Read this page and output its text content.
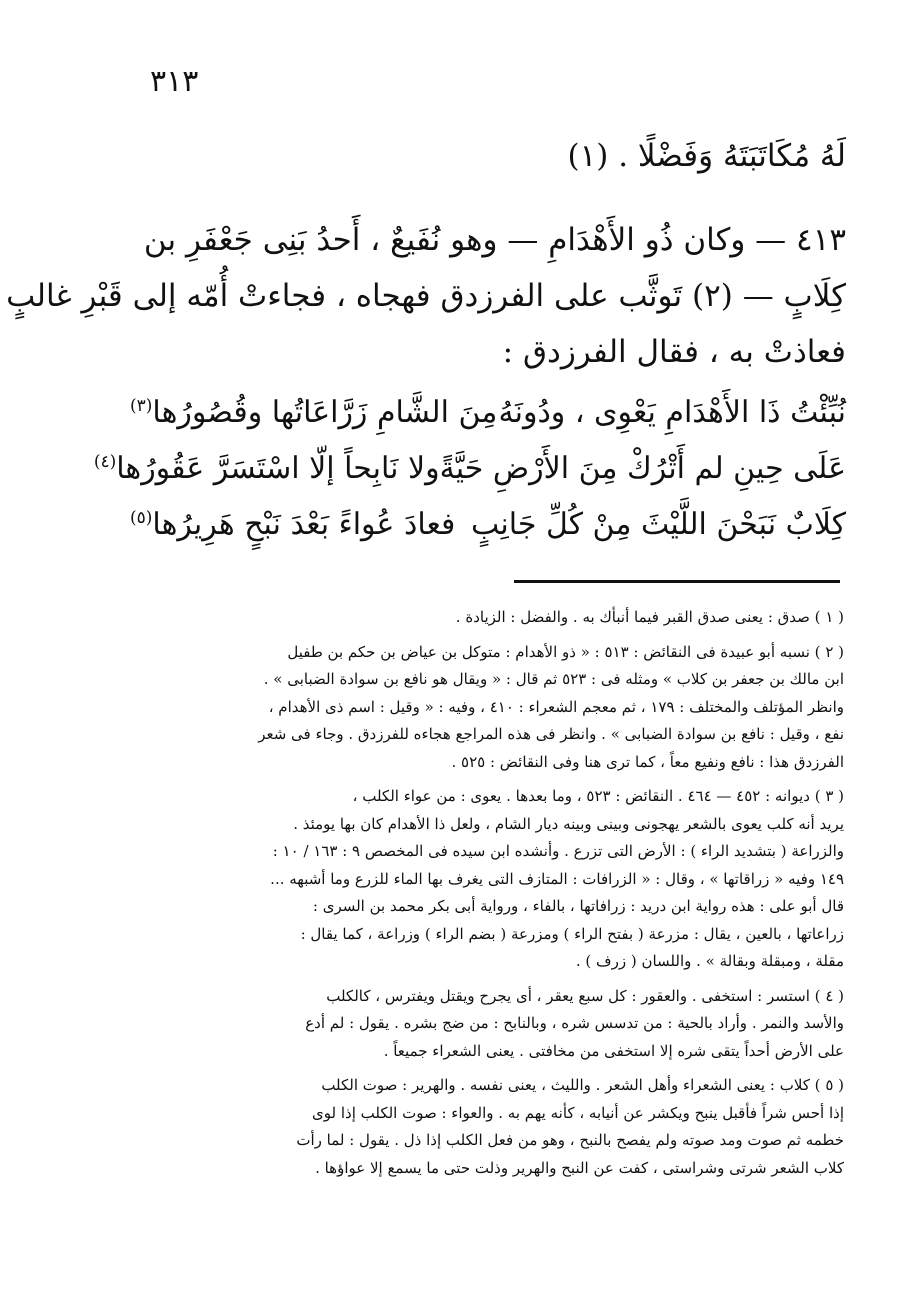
٣١٣
لَهُ مُكَاتَبَتَهُ وَفَضْلًا . (١)
٤١٣ — وكان ذُو الأَهْدَامِ — وهو نُفَيعٌ ، أَحدُ بَنِى جَعْفَرِ بن
كِلَابٍ — (٢) تَوثَّب على الفرزدق فهجاه ، فجاءتْ أُمّه إلى قَبْرِ غالبٍ
فعاذتْ به ، فقال الفرزدق :
نُبِّئْتُ ذَا الأَهْدَامِ يَعْوِى ، ودُونَهُ
مِنَ الشَّامِ زَرَّاعَاتُها وقُصُورُها$^{(٣)}$
عَلَى حِينِ لم أَتْرُكْ مِنَ الأَرْضِ حَيَّةً
ولا نَابِحاً إلّا اسْتَسَرَّ عَقُورُها$^{(٤)}$
كِلَابٌ نَبَحْنَ اللَّيْثَ مِنْ كُلِّ جَانِبٍ
فعادَ عُواءً بَعْدَ نَبْحٍ هَرِيرُها$^{(٥)}$
( ١ ) صدق : يعنى صدق القبر فيما أنبأك به . والفضل : الزيادة .
( ٢ ) نسبه أبو عبيدة فى النقائض : ٥١٣ : « ذو الأهدام : متوكل بن عياض بن حكم بن طفيل
ابن مالك بن جعفر بن كلاب » ومثله فى : ٥٢٣ ثم قال : « ويقال هو نافع بن سوادة الضبابى » .
وانظر المؤتلف والمختلف : ١٧٩ ، ثم معجم الشعراء : ٤١٠ ، وفيه : « وقيل : اسم ذى الأهدام ،
نفع ، وقيل : نافع بن سوادة الضبابى » . وانظر فى هذه المراجع هجاءه للفرزدق . وجاء فى شعر
الفرزدق هذا : نافع ونفيع معاً ، كما ترى هنا وفى النقائض : ٥٢٥ .
( ٣ ) ديوانه : ٤٥٢ — ٤٦٤ . النقائض : ٥٢٣ ، وما بعدها . يعوى : من عواء الكلب ،
يريد أنه كلب يعوى بالشعر يهجونى وبينى وبينه ديار الشام ، ولعل ذا الأهدام كان بها يومئذ .
والزراعة ( بتشديد الراء ) : الأرض التى تزرع . وأنشده ابن سيده فى المخصص ٩ : ١٦٣ / ١٠ :
١٤٩ وفيه « زراقاتها » ، وقال : « الزرافات : المتازف التى يغرف بها الماء للزرع وما أشبهه ...
قال أبو على : هذه رواية ابن دريد : زرافاتها ، بالفاء ، ورواية أبى بكر محمد بن السرى :
زراعاتها ، بالعين ، يقال : مزرعة ( بفتح الراء ) ومزرعة ( بضم الراء ) وزراعة ، كما يقال :
مقلة ، ومبقلة وبقالة » . واللسان ( زرف ) .
( ٤ ) استسر : استخفى . والعقور : كل سبع يعقر ، أى يجرح ويقتل ويفترس ، كالكلب
والأسد والنمر . وأراد بالحية : من تدسس شره ، وبالنابح : من ضج بشره . يقول : لم أدع
على الأرض أحداً يتقى شره إلا استخفى من مخافتى . يعنى الشعراء جميعاً .
( ٥ ) كلاب : يعنى الشعراء وأهل الشعر . والليث ، يعنى نفسه . والهرير : صوت الكلب
إذا أحس شراً فأقبل ينبح ويكشر عن أنيابه ، كأنه يهم به . والعواء : صوت الكلب إذا لوى
خطمه ثم صوت ومد صوته ولم يفصح بالنبح ، وهو من فعل الكلب إذا ذل . يقول : لما رأت
كلاب الشعر شرتى وشراستى ، كفت عن النبح والهرير وذلت حتى ما يسمع إلا عواؤها .
